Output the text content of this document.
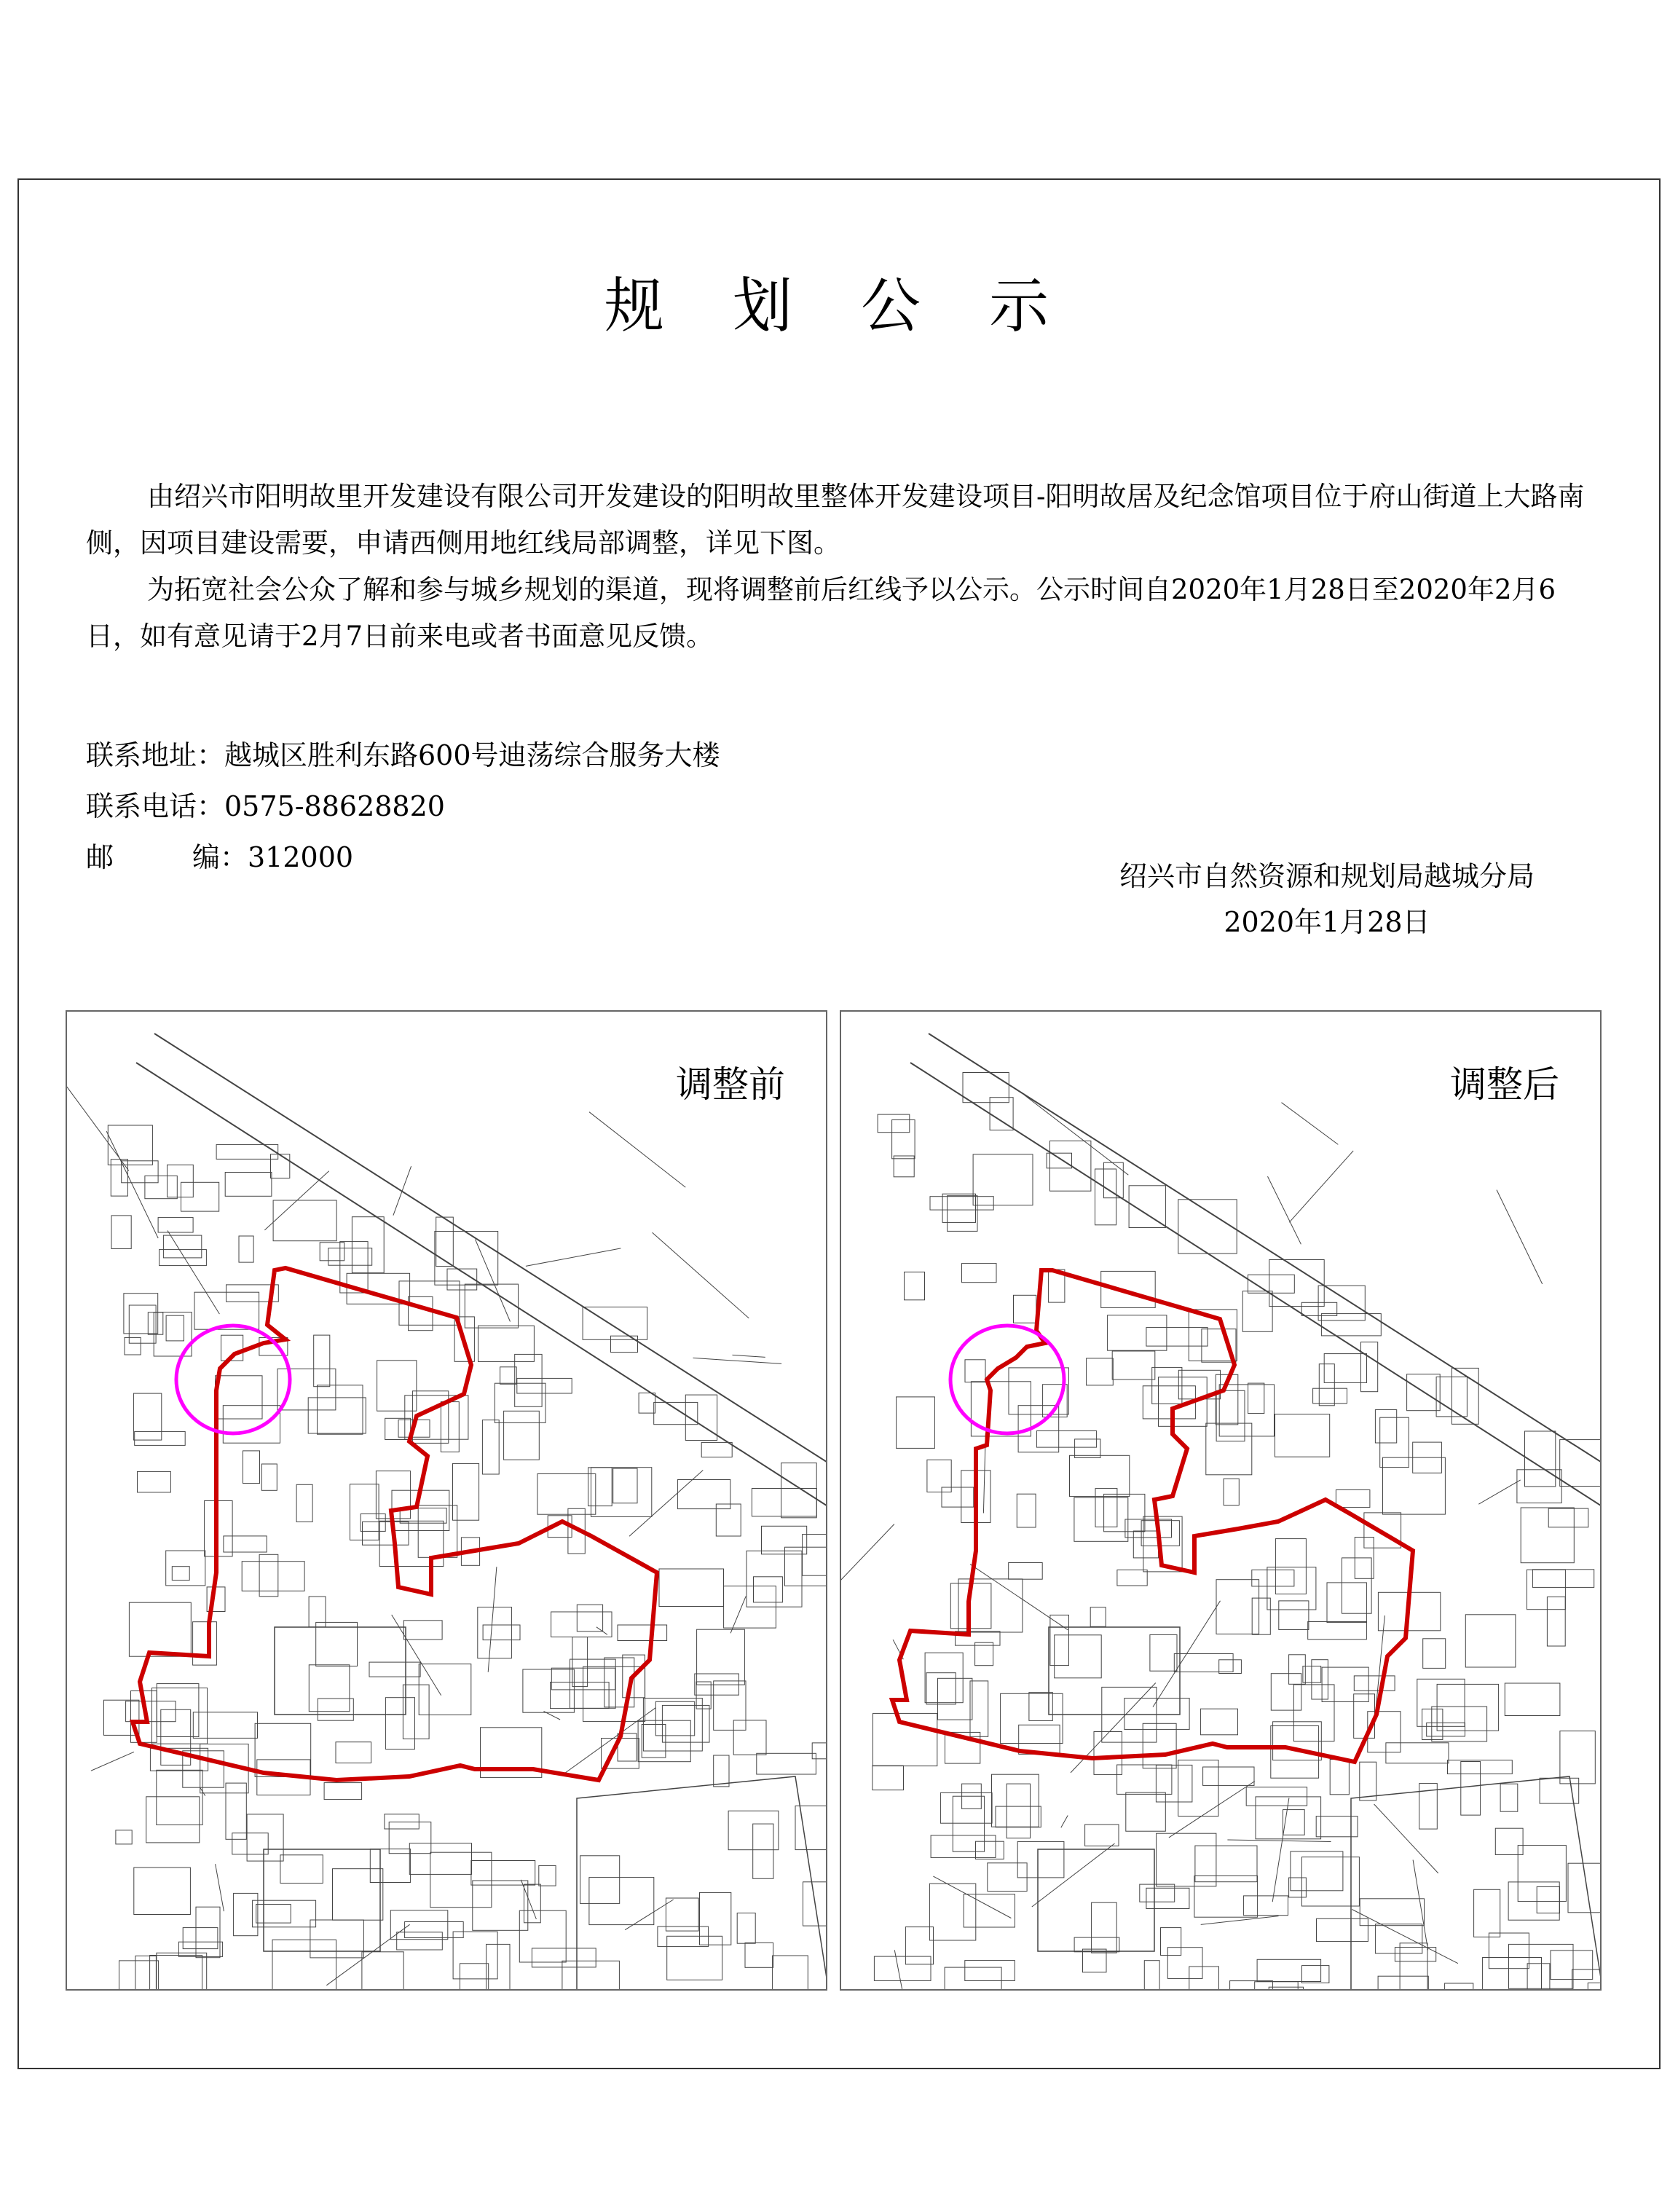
规 划 公 示

由绍兴市阳明故里开发建设有限公司开发建设的阳明故里整体开发建设项目-阳明故居及纪念馆项目位于府山街道上大路南侧，因项目建设需要，申请西侧用地红线局部调整，详见下图。

为拓宽社会公众了解和参与城乡规划的渠道，现将调整前后红线予以公示。公示时间自2020年1月28日至2020年2月6日，如有意见请于2月7日前来电或者书面意见反馈。

联系地址：越城区胜利东路600号迪荡综合服务大楼
联系电话：0575-88628820
邮编：312000
绍兴市自然资源和规划局越城分局
2020年1月28日
调整前	调整后
